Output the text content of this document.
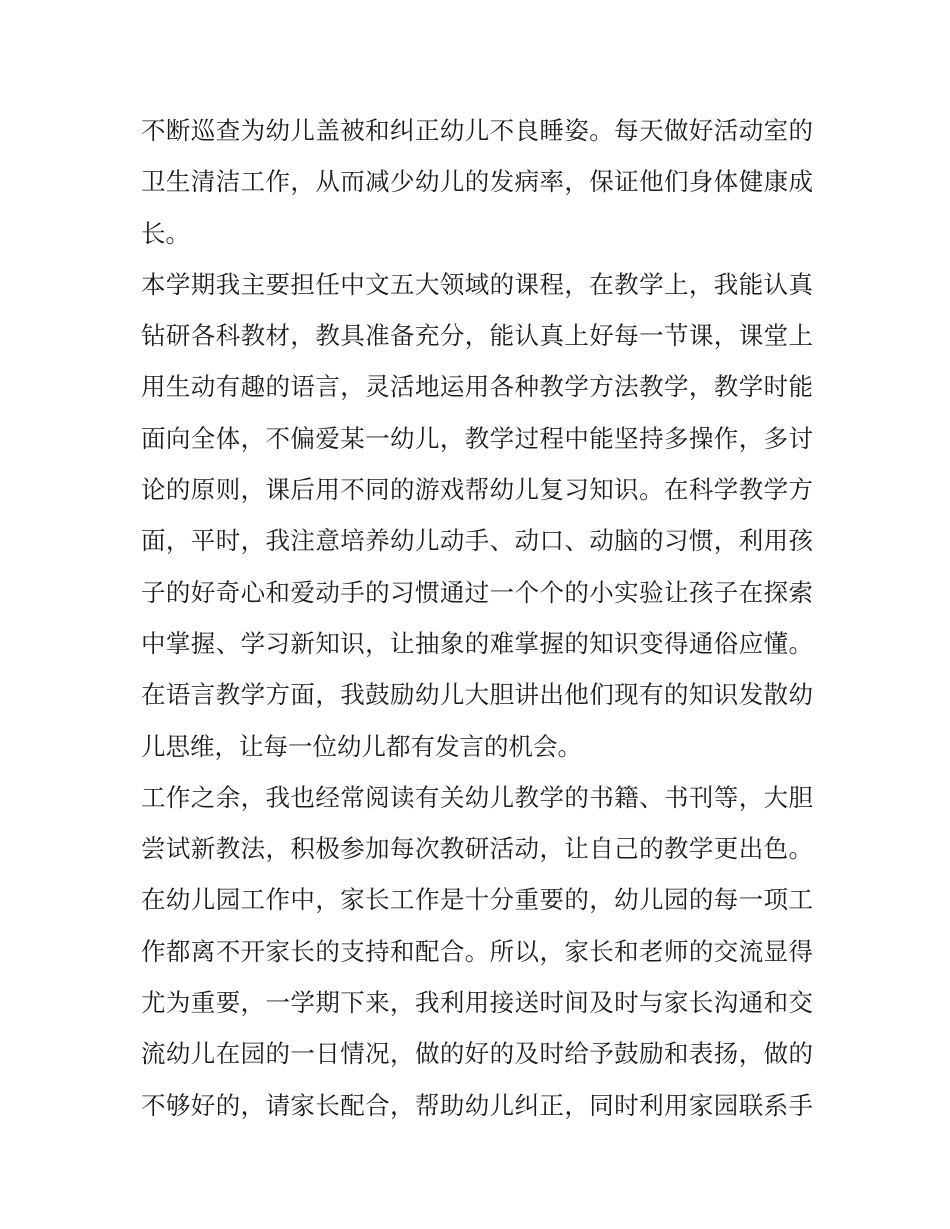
不断巡查为幼儿盖被和纠正幼儿不良睡姿。每天做好活动室的
卫生清洁工作，从而减少幼儿的发病率，保证他们身体健康成
长。
本学期我主要担任中文五大领域的课程，在教学上，我能认真
钻研各科教材，教具准备充分，能认真上好每一节课，课堂上
用生动有趣的语言，灵活地运用各种教学方法教学，教学时能
面向全体，不偏爱某一幼儿，教学过程中能坚持多操作，多讨
论的原则，课后用不同的游戏帮幼儿复习知识。在科学教学方
面，平时，我注意培养幼儿动手、动口、动脑的习惯，利用孩
子的好奇心和爱动手的习惯通过一个个的小实验让孩子在探索
中掌握、学习新知识，让抽象的难掌握的知识变得通俗应懂。
在语言教学方面，我鼓励幼儿大胆讲出他们现有的知识发散幼
儿思维，让每一位幼儿都有发言的机会。
工作之余，我也经常阅读有关幼儿教学的书籍、书刊等，大胆
尝试新教法，积极参加每次教研活动，让自己的教学更出色。
在幼儿园工作中，家长工作是十分重要的，幼儿园的每一项工
作都离不开家长的支持和配合。所以，家长和老师的交流显得
尤为重要，一学期下来，我利用接送时间及时与家长沟通和交
流幼儿在园的一日情况，做的好的及时给予鼓励和表扬，做的
不够好的，请家长配合，帮助幼儿纠正，同时利用家园联系手
